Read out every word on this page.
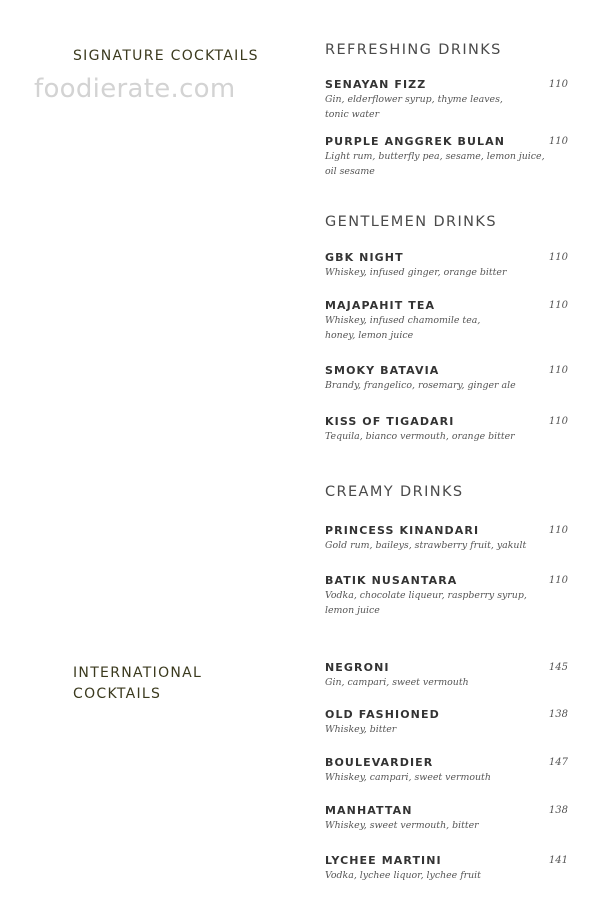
foodierate.com
SIGNATURE COCKTAILS
INTERNATIONAL
COCKTAILS
REFRESHING DRINKS
GENTLEMEN DRINKS
CREAMY DRINKS
SENAYAN FIZZ	110
Gin, elderflower syrup, thyme leaves,
tonic water
PURPLE ANGGREK BULAN	110
Light rum, butterfly pea, sesame, lemon juice,
oil sesame
GBK NIGHT	110
Whiskey, infused ginger, orange bitter
MAJAPAHIT TEA	110
Whiskey, infused chamomile tea,
honey, lemon juice
SMOKY BATAVIA	110
Brandy, frangelico, rosemary, ginger ale
KISS OF TIGADARI	110
Tequila, bianco vermouth, orange bitter
PRINCESS KINANDARI	110
Gold rum, baileys, strawberry fruit, yakult
BATIK NUSANTARA	110
Vodka, chocolate liqueur, raspberry syrup,
lemon juice
NEGRONI	145
Gin, campari, sweet vermouth
OLD FASHIONED	138
Whiskey, bitter
BOULEVARDIER	147
Whiskey, campari, sweet vermouth
MANHATTAN	138
Whiskey, sweet vermouth, bitter
LYCHEE MARTINI	141
Vodka, lychee liquor, lychee fruit
